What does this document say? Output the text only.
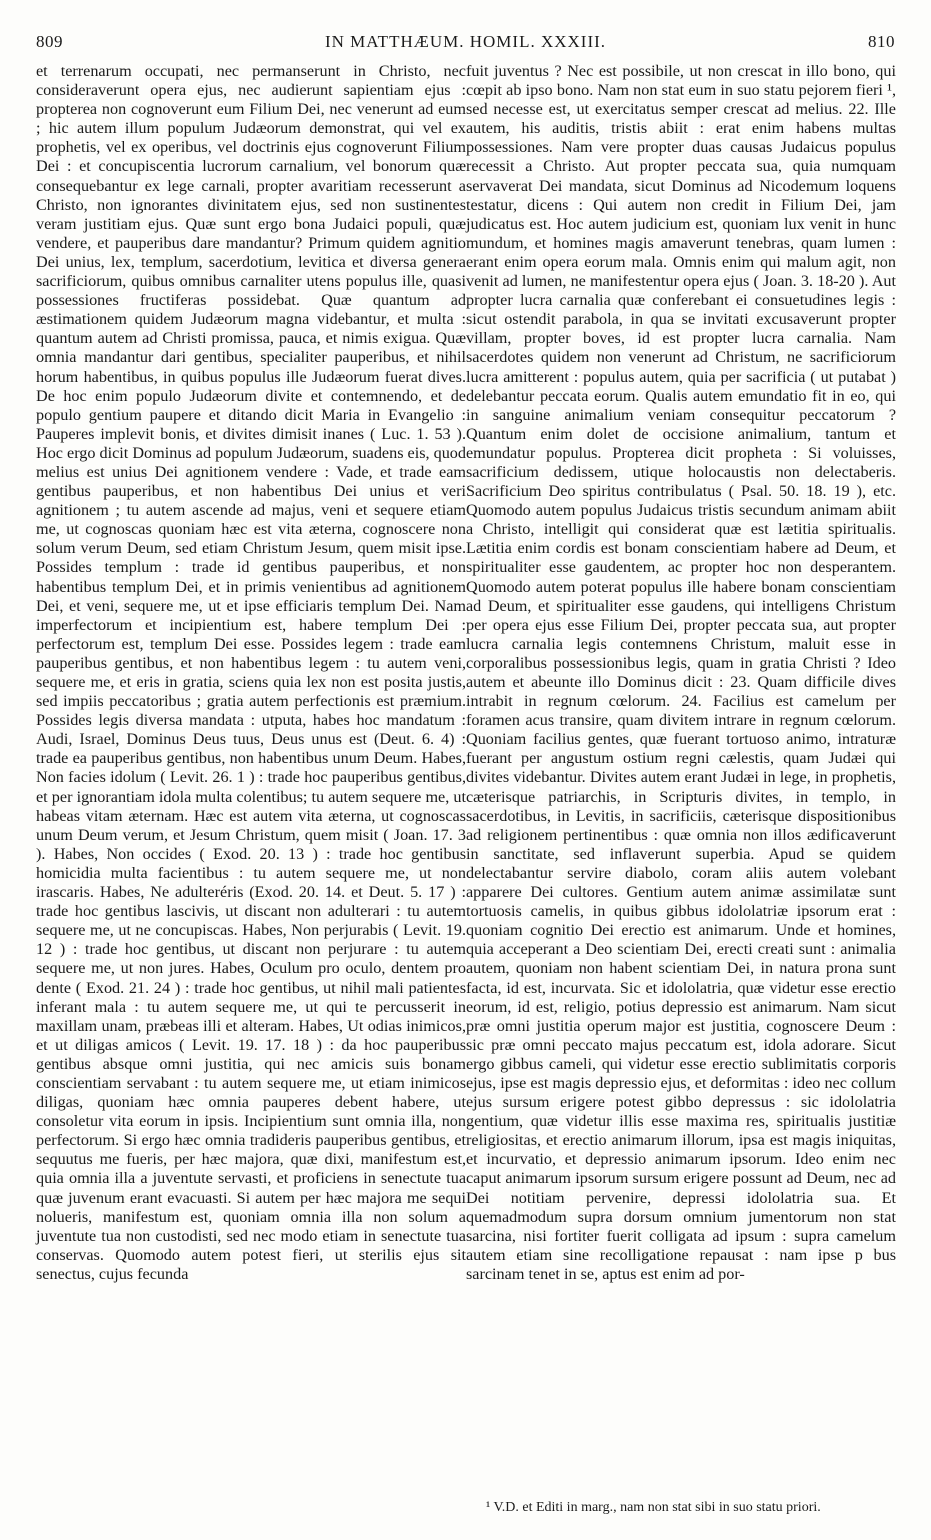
809	IN MATTHÆUM. HOMIL. XXXIII.	810

et terrenarum occupati, nec permanserunt in Christo, nec consideraverunt opera ejus, nec audierunt sapientiam ejus : propterea non cognoverunt eum Filium Dei, nec venerunt ad eum ; hic autem illum populum Judæorum demonstrat, qui vel ex prophetis, vel ex operibus, vel doctrinis ejus cognoverunt Filium Dei : et concupiscentia lucrorum carnalium, vel bonorum quæ consequebantur ex lege carnali, propter avaritiam recesserunt a Christo, non ignorantes divinitatem ejus, sed non sustinentes veram justitiam ejus. Quæ sunt ergo bona Judaici populi, quæ vendere, et pauperibus dare mandantur? Primum quidem agnitio Dei unius, lex, templum, sacerdotium, levitica et diversa genera sacrificiorum, quibus omnibus carnaliter utens populus ille, quasi possessiones fructiferas possidebat. Quæ quantum ad æstimationem quidem Judæorum magna videbantur, et multa : quantum autem ad Christi promissa, pauca, et nimis exigua. Quæ omnia mandantur dari gentibus, specialiter pauperibus, et nihil horum habentibus, in quibus populus ille Judæorum fuerat dives. De hoc enim populo Judæorum divite et contemnendo, et de populo gentium paupere et ditando dicit Maria in Evangelio : Pauperes implevit bonis, et divites dimisit inanes ( Luc. 1. 53 ). Hoc ergo dicit Dominus ad populum Judæorum, suadens eis, quod melius est unius Dei agnitionem vendere : Vade, et trade eam gentibus pauperibus, et non habentibus Dei unius et veri agnitionem ; tu autem ascende ad majus, veni et sequere etiam me, ut cognoscas quoniam hæc est vita æterna, cognoscere non solum verum Deum, sed etiam Christum Jesum, quem misit ipse. Possides templum : trade id gentibus pauperibus, et non habentibus templum Dei, et in primis venientibus ad agnitionem Dei, et veni, sequere me, ut et ipse efficiaris templum Dei. Nam imperfectorum et incipientium est, habere templum Dei : perfectorum est, templum Dei esse. Possides legem : trade eam pauperibus gentibus, et non habentibus legem : tu autem veni, sequere me, et eris in gratia, sciens quia lex non est posita justis, sed impiis peccatoribus ; gratia autem perfectionis est præmium. Possides legis diversa mandata : utputa, habes hoc mandatum : Audi, Israel, Dominus Deus tuus, Deus unus est (Deut. 6. 4) : trade ea pauperibus gentibus, non habentibus unum Deum. Habes, Non facies idolum ( Levit. 26. 1 ) : trade hoc pauperibus gentibus, et per ignorantiam idola multa colentibus; tu autem sequere me, ut habeas vitam æternam. Hæc est autem vita æterna, ut cognoscas unum Deum verum, et Jesum Christum, quem misit ( Joan. 17. 3 ). Habes, Non occides ( Exod. 20. 13 ) : trade hoc gentibus homicidia multa facientibus : tu autem sequere me, ut non irascaris. Habes, Ne adulteréris (Exod. 20. 14. et Deut. 5. 17 ) : trade hoc gentibus lascivis, ut discant non adulterari : tu autem sequere me, ut ne concupiscas. Habes, Non perjurabis ( Levit. 19. 12 ) : trade hoc gentibus, ut discant non perjurare : tu autem sequere me, ut non jures. Habes, Oculum pro oculo, dentem pro dente ( Exod. 21. 24 ) : trade hoc gentibus, ut nihil mali patientes inferant mala : tu autem sequere me, ut qui te percusserit in maxillam unam, præbeas illi et alteram. Habes, Ut odias inimicos, et ut diligas amicos ( Levit. 19. 17. 18 ) : da hoc pauperibus gentibus absque omni justitia, qui nec amicis suis bonam conscientiam servabant : tu autem sequere me, ut etiam inimicos diligas, quoniam hæc omnia pauperes debent habere, ut consoletur vita eorum in ipsis. Incipientium sunt omnia illa, non perfectorum. Si ergo hæc omnia tradideris pauperibus gentibus, et sequutus me fueris, per hæc majora, quæ dixi, manifestum est, quia omnia illa a juventute servasti, et proficiens in senectute tua quæ juvenum erant evacuasti. Si autem per hæc majora me sequi nolueris, manifestum est, quoniam omnia illa non solum a juventute tua non custodisti, sed nec modo etiam in senectute tua conservas. Quomodo autem potest fieri, ut sterilis ejus sit senectus, cujus fecunda

fuit juventus ? Nec est possibile, ut non crescat in illo bono, qui cœpit ab ipso bono. Nam non stat eum in suo statu pejorem fieri ¹, sed necesse est, ut exercitatus semper crescat ad melius. 22. Ille autem, his auditis, tristis abiit : erat enim habens multas possessiones. Nam vere propter duas causas Judaicus populus recessit a Christo. Aut propter peccata sua, quia numquam servaverat Dei mandata, sicut Dominus ad Nicodemum loquens testatur, dicens : Qui autem non credit in Filium Dei, jam judicatus est. Hoc autem judicium est, quoniam lux venit in hunc mundum, et homines magis amaverunt tenebras, quam lumen : erant enim opera eorum mala. Omnis enim qui malum agit, non venit ad lumen, ne manifestentur opera ejus ( Joan. 3. 18-20 ). Aut propter lucra carnalia quæ conferebant ei consuetudines legis : sicut ostendit parabola, in qua se invitati excusaverunt propter villam, propter boves, id est propter lucra carnalia. Nam sacerdotes quidem non venerunt ad Christum, ne sacrificiorum lucra amitterent : populus autem, quia per sacrificia ( ut putabat ) delebantur peccata eorum. Qualis autem emundatio fit in eo, qui in sanguine animalium veniam consequitur peccatorum ? Quantum enim dolet de occisione animalium, tantum et emundatur populus. Propterea dicit propheta : Si voluisses, sacrificium dedissem, utique holocaustis non delectaberis. Sacrificium Deo spiritus contribulatus ( Psal. 50. 18. 19 ), etc. Quomodo autem populus Judaicus tristis secundum animam abiit a Christo, intelligit qui considerat quæ est lætitia spiritualis. Lætitia enim cordis est bonam conscientiam habere ad Deum, et spiritualiter esse gaudentem, ac propter hoc non desperantem. Quomodo autem poterat populus ille habere bonam conscientiam ad Deum, et spiritualiter esse gaudens, qui intelligens Christum per opera ejus esse Filium Dei, propter peccata sua, aut propter lucra carnalia legis contemnens Christum, maluit esse in corporalibus possessionibus legis, quam in gratia Christi ? Ideo autem et abeunte illo Dominus dicit : 23. Quam difficile dives intrabit in regnum cœlorum. 24. Facilius est camelum per foramen acus transire, quam divitem intrare in regnum cœlorum. Quoniam facilius gentes, quæ fuerant tortuoso animo, intraturæ fuerant per angustum ostium regni cælestis, quam Judæi qui divites videbantur. Divites autem erant Judæi in lege, in prophetis, cæterisque patriarchis, in Scripturis divites, in templo, in sacerdotibus, in Levitis, in sacrificiis, cæterisque dispositionibus ad religionem pertinentibus : quæ omnia non illos ædificaverunt in sanctitate, sed inflaverunt superbia. Apud se quidem delectabantur servire diabolo, coram aliis autem volebant apparere Dei cultores. Gentium autem animæ assimilatæ sunt tortuosis camelis, in quibus gibbus idololatriæ ipsorum erat : quoniam cognitio Dei erectio est animarum. Unde et homines, quia acceperant a Deo scientiam Dei, erecti creati sunt : animalia autem, quoniam non habent scientiam Dei, in natura prona sunt facta, id est, incurvata. Sic et idololatria, quæ videtur esse erectio eorum, id est, religio, potius depressio est animarum. Nam sicut præ omni justitia operum major est justitia, cognoscere Deum : sic præ omni peccato majus peccatum est, idola adorare. Sicut ergo gibbus cameli, qui videtur esse erectio sublimitatis corporis ejus, ipse est magis depressio ejus, et deformitas : ideo nec collum ejus sursum erigere potest gibbo depressus : sic idololatria gentium, quæ videtur illis esse maxima res, spiritualis justitiæ religiositas, et erectio animarum illorum, ipsa est magis iniquitas, et incurvatio, et depressio animarum ipsorum. Ideo enim nec caput animarum ipsorum sursum erigere possunt ad Deum, nec ad Dei notitiam pervenire, depressi idololatria sua. Et quemadmodum supra dorsum omnium jumentorum non stat sarcina, nisi fortiter fuerit colligata ad ipsum : supra camelum autem etiam sine recolligatione repausat : nam ipse p bus sarcinam tenet in se, aptus est enim ad por-

¹ V.D. et Editi in marg., nam non stat sibi in suo statu priori.
